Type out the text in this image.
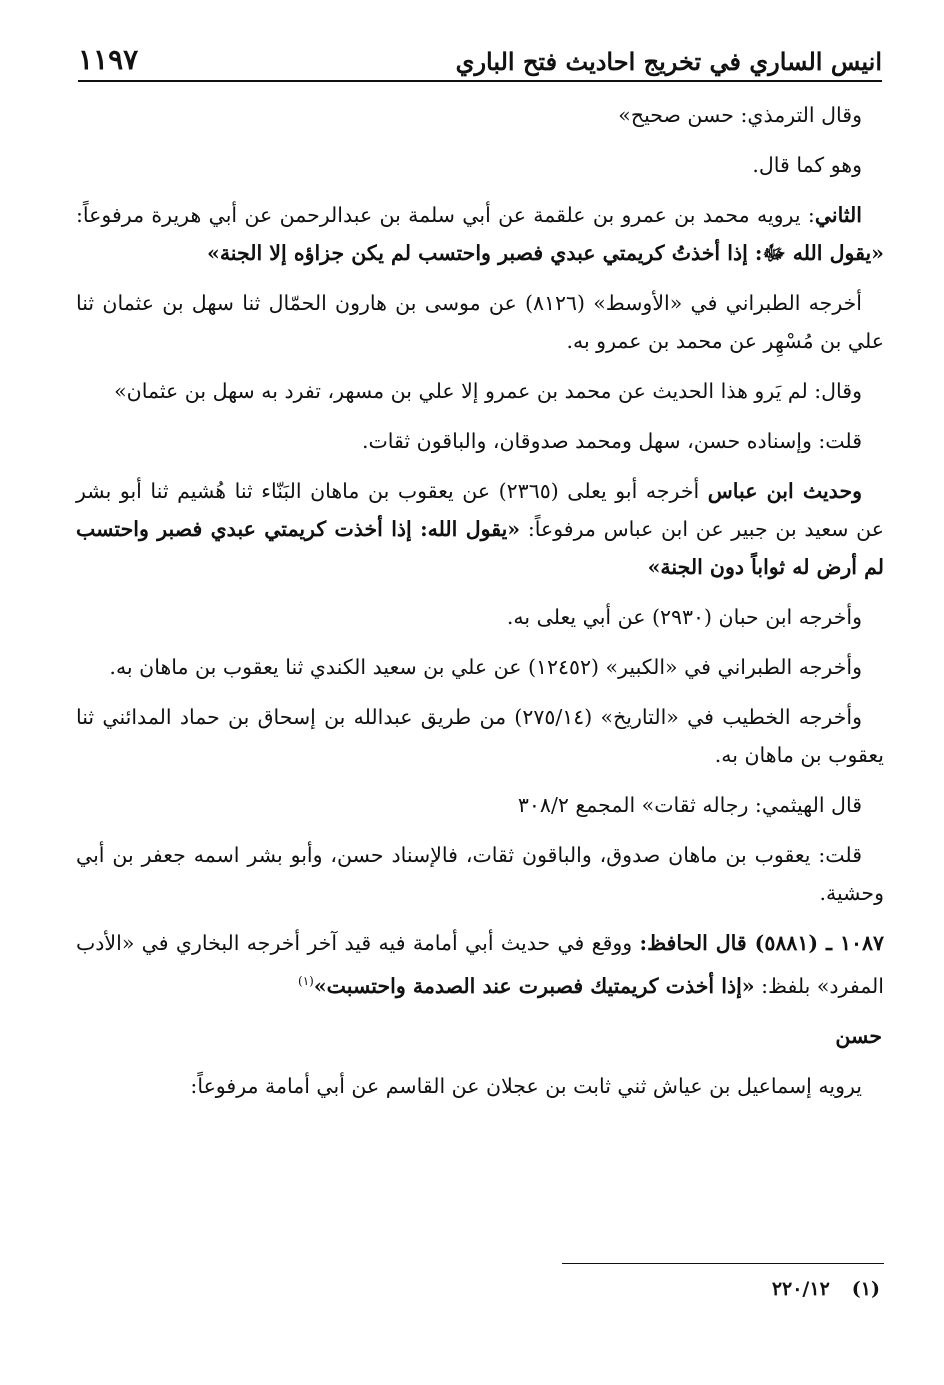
١١٩٧	انيس الساري في تخريج احاديث فتح الباري

وقال الترمذي: حسن صحيح»

وهو كما قال.

الثاني: يرويه محمد بن عمرو بن علقمة عن أبي سلمة بن عبدالرحمن عن أبي هريرة مرفوعاً: «يقول الله ﷻ: إذا أخذتُ كريمتي عبدي فصبر واحتسب لم يكن جزاؤه إلا الجنة»

أخرجه الطبراني في «الأوسط» (٨١٢٦) عن موسى بن هارون الحمّال ثنا سهل بن عثمان ثنا علي بن مُسْهِر عن محمد بن عمرو به.

وقال: لم يَرو هذا الحديث عن محمد بن عمرو إلا علي بن مسهر، تفرد به سهل بن عثمان»

قلت: وإسناده حسن، سهل ومحمد صدوقان، والباقون ثقات.

وحديث ابن عباس أخرجه أبو يعلى (٢٣٦٥) عن يعقوب بن ماهان البَنّاء ثنا هُشيم ثنا أبو بشر عن سعيد بن جبير عن ابن عباس مرفوعاً: «يقول الله: إذا أخذت كريمتي عبدي فصبر واحتسب لم أرض له ثواباً دون الجنة»

وأخرجه ابن حبان (٢٩٣٠) عن أبي يعلى به.

وأخرجه الطبراني في «الكبير» (١٢٤٥٢) عن علي بن سعيد الكندي ثنا يعقوب بن ماهان به.

وأخرجه الخطيب في «التاريخ» (٢٧٥/١٤) من طريق عبدالله بن إسحاق بن حماد المدائني ثنا يعقوب بن ماهان به.

قال الهيثمي: رجاله ثقات» المجمع ٣٠٨/٢

قلت: يعقوب بن ماهان صدوق، والباقون ثقات، فالإسناد حسن، وأبو بشر اسمه جعفر بن أبي وحشية.

١٠٨٧ ـ (٥٨٨١) قال الحافظ: ووقع في حديث أبي أمامة فيه قيد آخر أخرجه البخاري في «الأدب المفرد» بلفظ: «إذا أخذت كريمتيك فصبرت عند الصدمة واحتسبت»$^{(١)}$

حسن

يرويه إسماعيل بن عياش ثني ثابت بن عجلان عن القاسم عن أبي أمامة مرفوعاً:

(١)٢٢٠/١٢
